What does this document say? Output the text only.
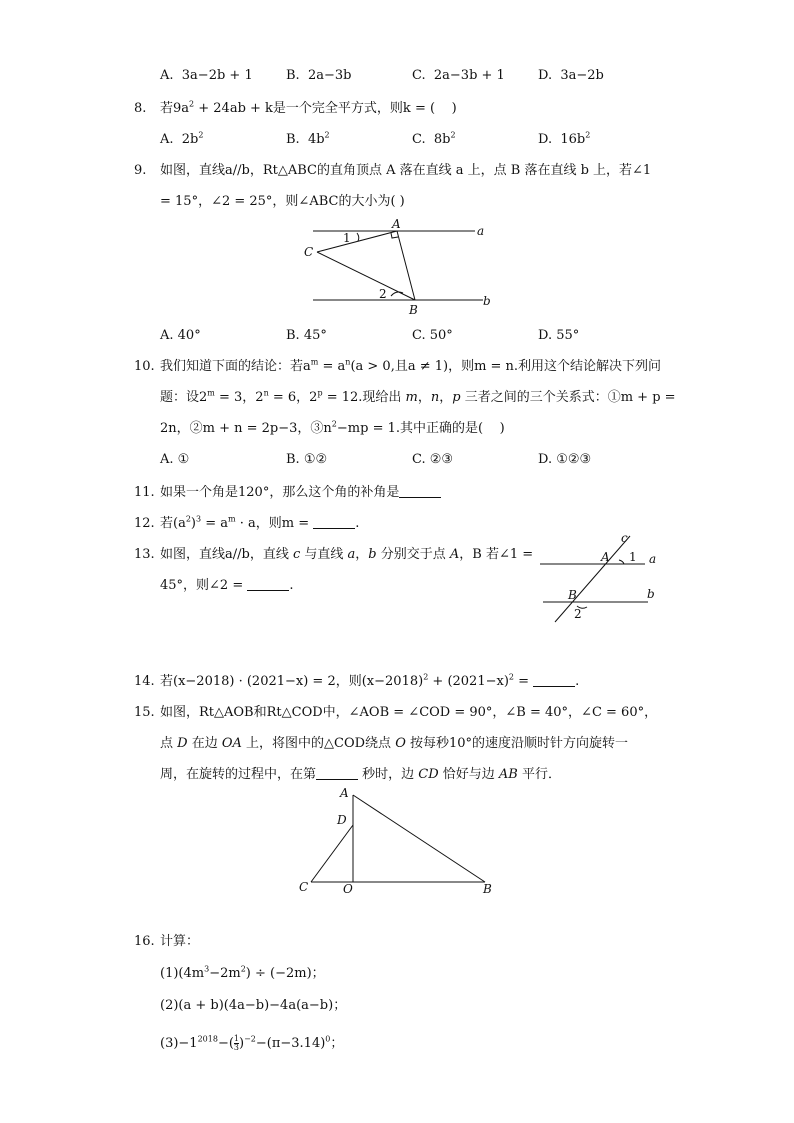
A.  3a−2b + 1	B.  2a−3b	C.  2a−3b + 1	D.  3a−2b
8. 若$9a^2 + 24ab + k$是一个完全平方式，则k = (    )
A.  $2b^2$	B.  $4b^2$	C.  $8b^2$	D.  $16b^2$
9. 如图，直线a//b，Rt△ABC的直角顶点 A 落在直线 a 上，点 B 落在直线 b 上，若∠1
= 15°，∠2 = 25°，则∠ABC的大小为( )
A
C
B
a
b
1
2
A. 40°	B. 45°	C. 50°	D. 55°
10. 我们知道下面的结论：若$a^m = a^n(a > 0$,且a ≠ 1)，则m = n.利用这个结论解决下列问
题：设$2^m = 3$，$2^n = 6$，$2^p = 12$.现给出 m，n，p 三者之间的三个关系式：①m + p =
2n，②m + n = 2p−3，$③n^2-mp = 1$.其中正确的是(    )
A. ①	B. ①②	C. ②③	D. ①②③
11. 如果一个角是120°，那么这个角的补角是
12. 若$(a^2)^3 = a^m \cdot a$，则m =	.
13. 如图，直线a//b，直线 c 与直线 a，b 分别交于点 A，B 若∠1 =
45°，则∠2 =	.
A
B
c
a
b
1
2
14. 若(x−2018) · (2021−x) = 2，则$(x-2018)^2 + (2021-x)^2$ =	.
15. 如图，Rt△AOB和Rt△COD中，∠AOB = ∠COD = 90°，∠B = 40°，∠C = 60°，
点 D 在边 OA 上，将图中的△COD绕点 O 按每秒10°的速度沿顺时针方向旋转一
周，在旋转的过程中，在第	秒时，边 CD 恰好与边 AB 平行．
A
D
C	O	B
16. 计算：
$(1)(4m^3-2m^2) \div (-2m)$；
(2)(a + b)(4a−b)−4a(a−b)；
$(3)-1^{2018}-( \frac{1}{3} )^{-2}-(\pi-3.14)^0$；
